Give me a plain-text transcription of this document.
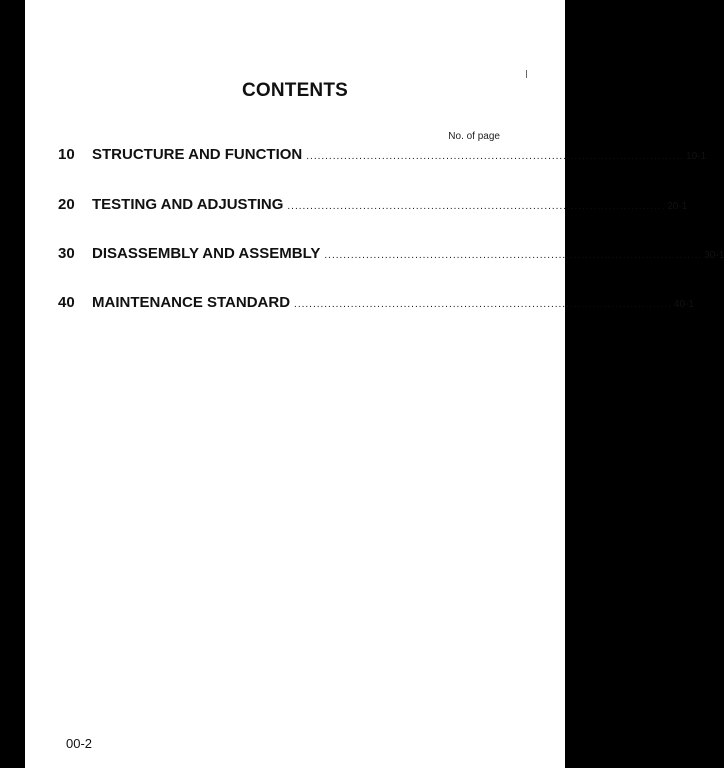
CONTENTS
No. of page
10	STRUCTURE AND FUNCTION .................................................................................................... 10-1
20	TESTING AND ADJUSTING .................................................................................................... 20-1
30	DISASSEMBLY AND ASSEMBLY .................................................................................................... 30-1
40	MAINTENANCE STANDARD .................................................................................................... 40-1
00-2
